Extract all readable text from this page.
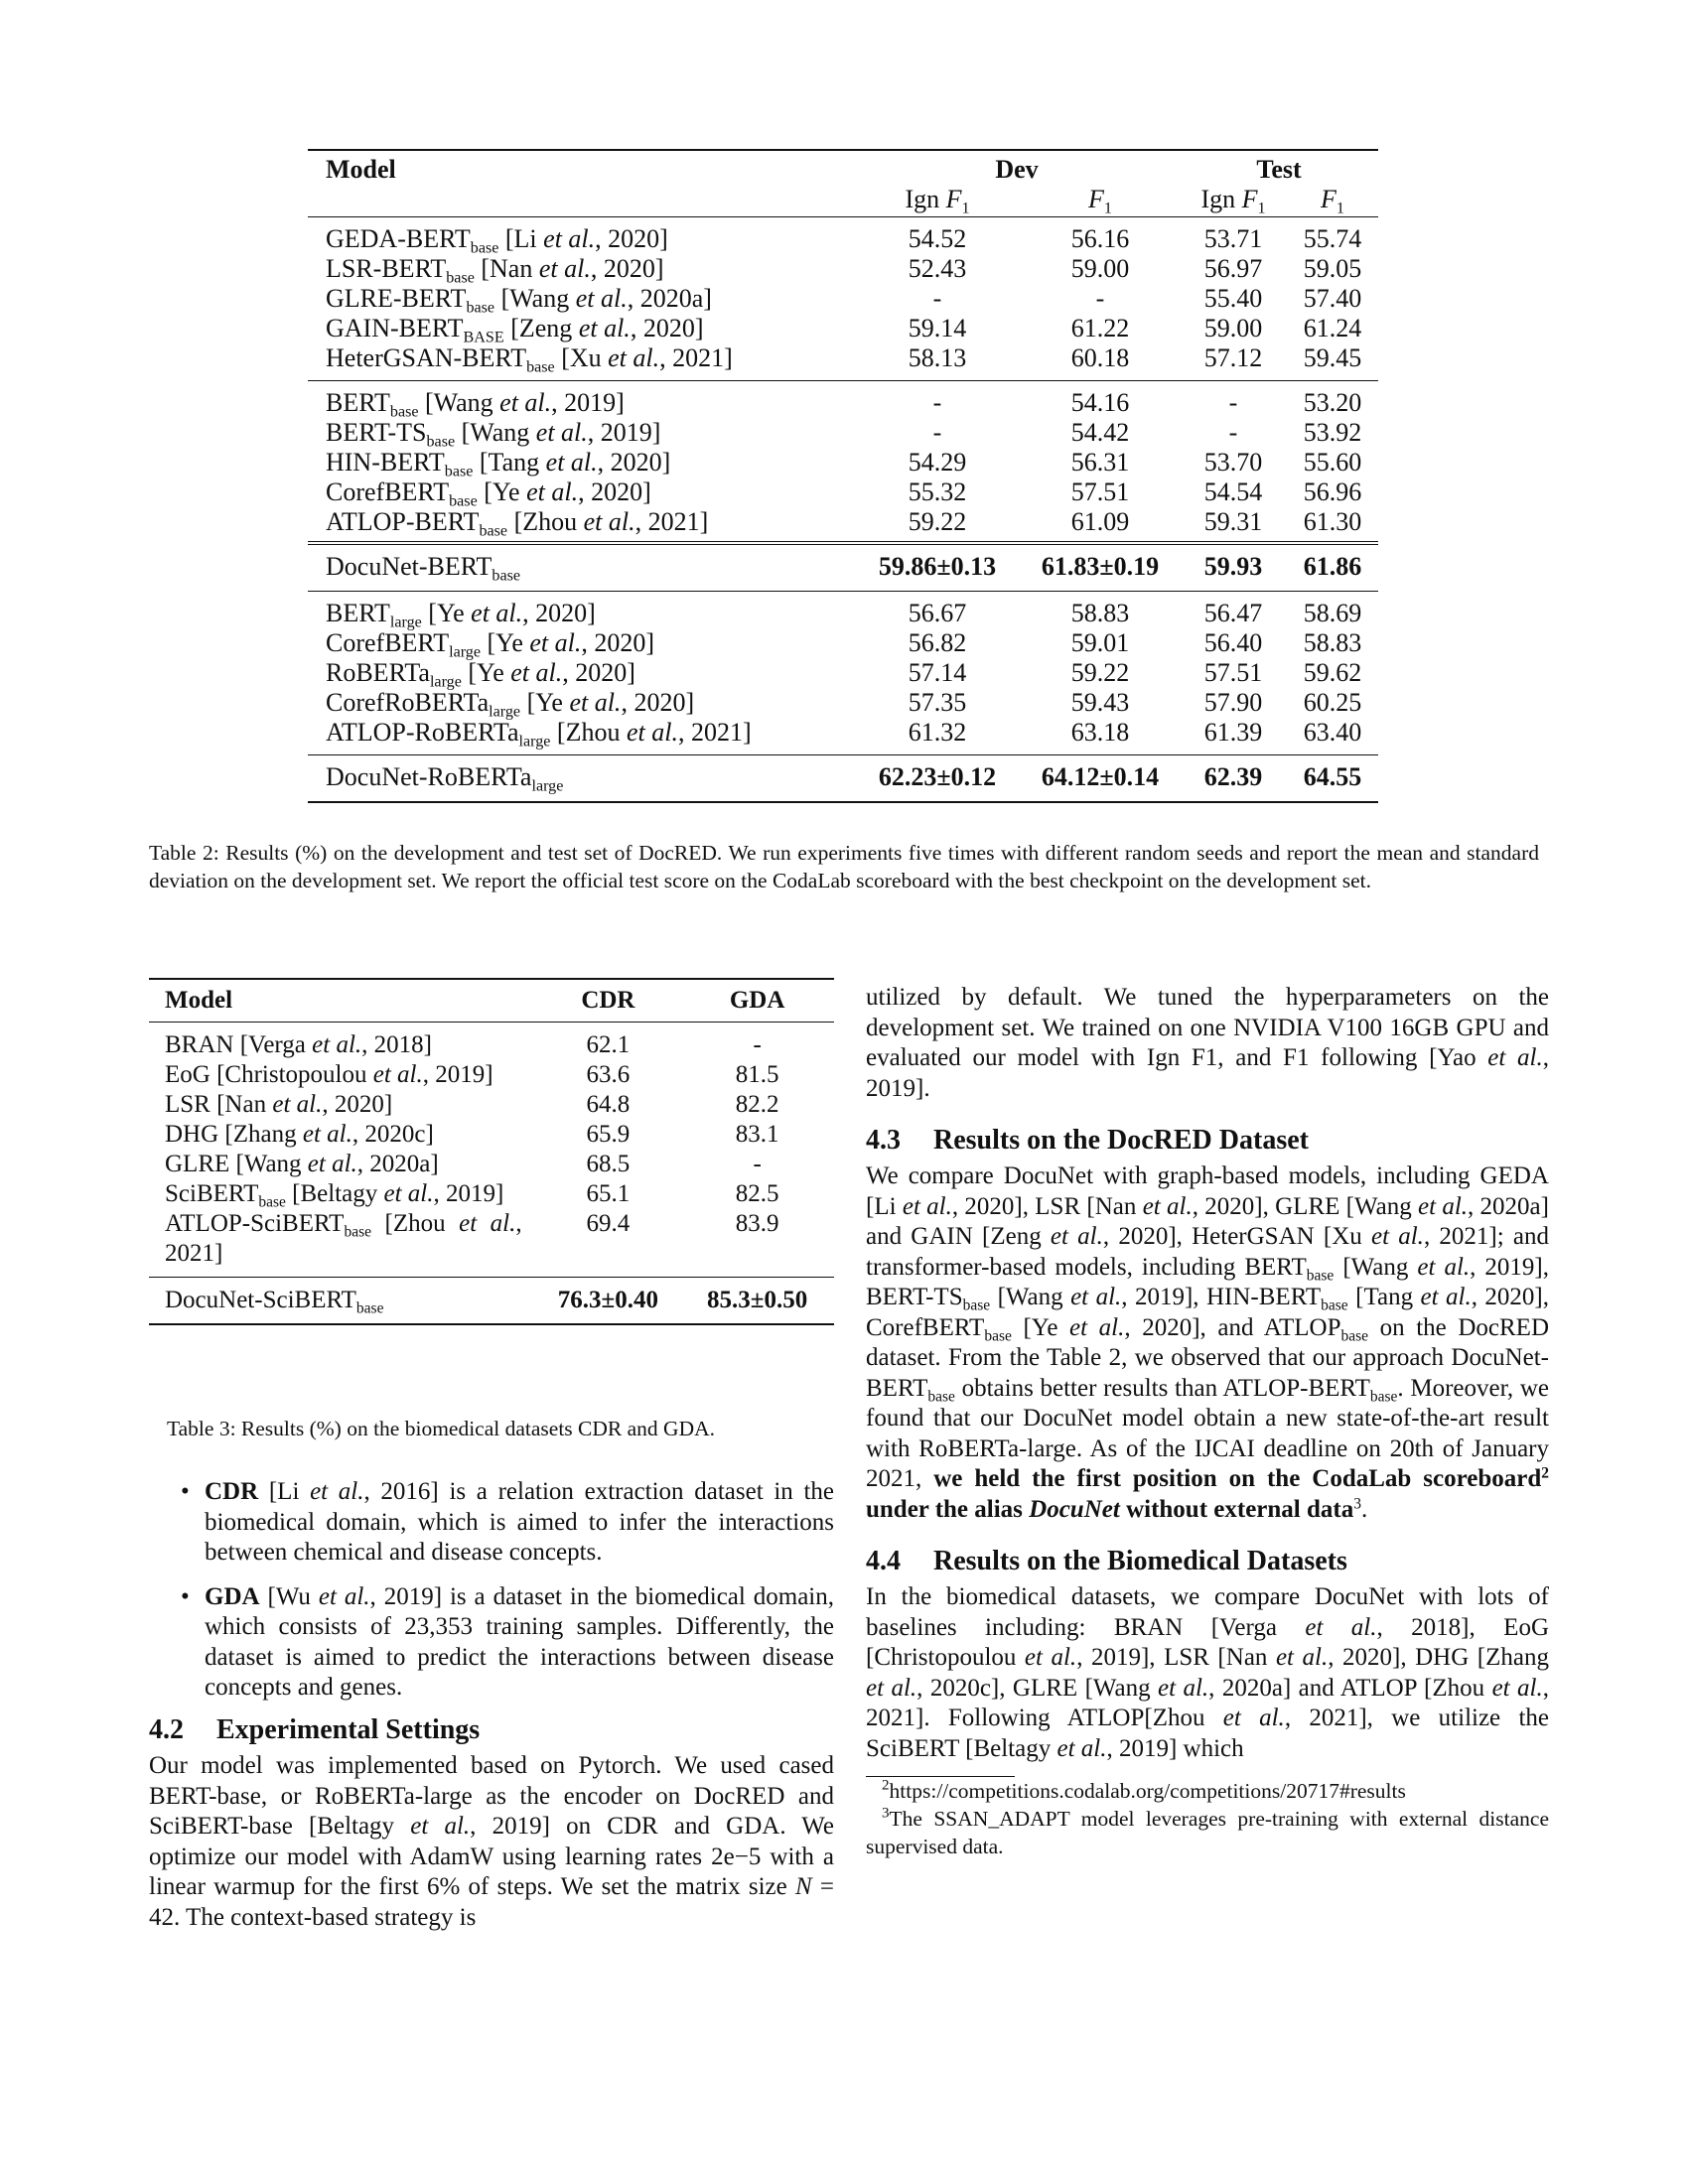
Model	Dev		Test	
	Ign $F_1$	$F_1$	Ign $F_1$	$F_1$
GEDA-$BERT_{base}$ [Li et al., 2020]	54.52	56.16	53.71	55.74
LSR-$BERT_{base}$ [Nan et al., 2020]	52.43	59.00	56.97	59.05
GLRE-$BERT_{base}$ [Wang et al., 2020a]	-	-	55.40	57.40
GAIN-$BERT_{BASE}$ [Zeng et al., 2020]	59.14	61.22	59.00	61.24
HeterGSAN-$BERT_{base}$ [Xu et al., 2021]	58.13	60.18	57.12	59.45
$BERT_{base}$ [Wang et al., 2019]	-	54.16	-	53.20
BERT-$TS_{base}$ [Wang et al., 2019]	-	54.42	-	53.92
HIN-$BERT_{base}$ [Tang et al., 2020]	54.29	56.31	53.70	55.60
CorefBERT$_{base}$ [Ye et al., 2020]	55.32	57.51	54.54	56.96
ATLOP-$BERT_{base}$ [Zhou et al., 2021]	59.22	61.09	59.31	61.30
DocuNet-$BERT_{base}$	59.86±0.13	61.83±0.19	59.93	61.86
$BERT_{large}$ [Ye et al., 2020]	56.67	58.83	56.47	58.69
CorefBERT$_{large}$ [Ye et al., 2020]	56.82	59.01	56.40	58.83
RoBERTa$_{large}$ [Ye et al., 2020]	57.14	59.22	57.51	59.62
CorefRoBERTa$_{large}$ [Ye et al., 2020]	57.35	59.43	57.90	60.25
ATLOP-RoBERTa$_{large}$ [Zhou et al., 2021]	61.32	63.18	61.39	63.40
DocuNet-RoBERTa$_{large}$	62.23±0.12	64.12±0.14	62.39	64.55
Table 2: Results (%) on the development and test set of DocRED. We run experiments five times with different random seeds and report the mean and standard deviation on the development set. We report the official test score on the CodaLab scoreboard with the best checkpoint on the development set.
Model	CDR	GDA
BRAN [Verga et al., 2018]	62.1	-
EoG [Christopoulou et al., 2019]	63.6	81.5
LSR [Nan et al., 2020]	64.8	82.2
DHG [Zhang et al., 2020c]	65.9	83.1
GLRE [Wang et al., 2020a]	68.5	-
SciBERT$_{base}$ [Beltagy et al., 2019]	65.1	82.5
ATLOP-SciBERT$_{base}$ [Zhou et al., 2021]	69.4	83.9
DocuNet-SciBERT$_{base}$	76.3±0.40	85.3±0.50
Table 3: Results (%) on the biomedical datasets CDR and GDA.
• CDR [Li et al., 2016] is a relation extraction dataset in the biomedical domain, which is aimed to infer the interactions between chemical and disease concepts.
• GDA [Wu et al., 2019] is a dataset in the biomedical domain, which consists of 23,353 training samples. Differently, the dataset is aimed to predict the interactions between disease concepts and genes.
4.2 Experimental Settings

Our model was implemented based on Pytorch. We used cased BERT-base, or RoBERTa-large as the encoder on DocRED and SciBERT-base [Beltagy et al., 2019] on CDR and GDA. We optimize our model with AdamW using learning rates 2e−5 with a linear warmup for the first 6% of steps. We set the matrix size N = 42. The context-based strategy is

utilized by default. We tuned the hyperparameters on the development set. We trained on one NVIDIA V100 16GB GPU and evaluated our model with Ign F1, and F1 following [Yao et al., 2019].

4.3 Results on the DocRED Dataset

We compare DocuNet with graph-based models, including GEDA [Li et al., 2020], LSR [Nan et al., 2020], GLRE [Wang et al., 2020a] and GAIN [Zeng et al., 2020], HeterGSAN [Xu et al., 2021]; and transformer-based models, including $BERT_{base}$ [Wang et al., 2019], BERT-$TS_{base}$ [Wang et al., 2019], HIN-$BERT_{base}$ [Tang et al., 2020], CorefBERT$_{base}$ [Ye et al., 2020], and $ATLOP_{base}$ on the DocRED dataset. From the Table 2, we observed that our approach DocuNet-$BERT_{base}$ obtains better results than ATLOP-$BERT_{base}$. Moreover, we found that our DocuNet model obtain a new state-of-the-art result with RoBERTa-large. As of the IJCAI deadline on 20th of January 2021, we held the first position on the CodaLab scoreboard$^2$ under the alias DocuNet without external data$^3$.

4.4 Results on the Biomedical Datasets

In the biomedical datasets, we compare DocuNet with lots of baselines including: BRAN [Verga et al., 2018], EoG [Christopoulou et al., 2019], LSR [Nan et al., 2020], DHG [Zhang et al., 2020c], GLRE [Wang et al., 2020a] and ATLOP [Zhou et al., 2021]. Following ATLOP[Zhou et al., 2021], we utilize the SciBERT [Beltagy et al., 2019] which

$^2$https://competitions.codalab.org/competitions/20717#results
$^3$The SSAN_ADAPT model leverages pre-training with external distance supervised data.
